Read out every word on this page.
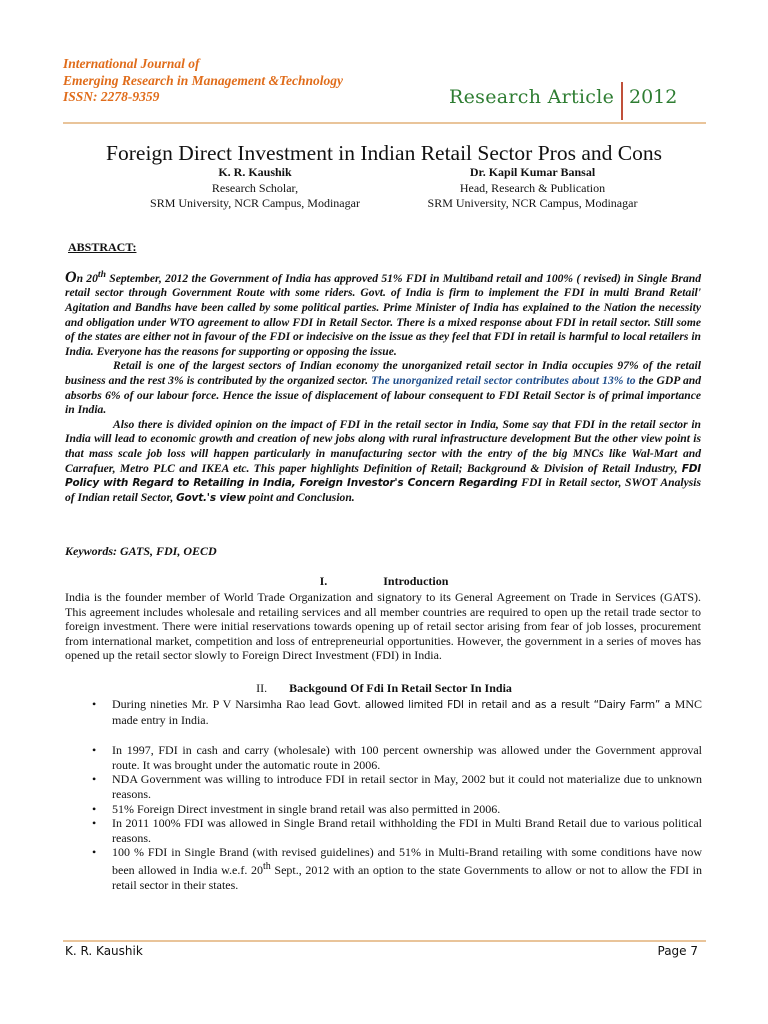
International Journal of
Emerging Research in Management &Technology
ISSN: 2278-9359	Research Article 2012
Foreign Direct Investment in Indian Retail Sector Pros and Cons
K. R. Kaushik
Research Scholar,
SRM University, NCR Campus, Modinagar
Dr. Kapil Kumar Bansal
Head, Research & Publication
SRM University, NCR Campus, Modinagar
ABSTRACT:

On 20th September, 2012 the Government of India has approved 51% FDI in Multiband retail and 100% ( revised) in Single Brand retail sector through Government Route with some riders. Govt. of India is firm to implement the FDI in multi Brand Retail' Agitation and Bandhs have been called by some political parties. Prime Minister of India has explained to the Nation the necessity and obligation under WTO agreement to allow FDI in Retail Sector. There is a mixed response about FDI in retail sector. Still some of the states are either not in favour of the FDI or indecisive on the issue as they feel that FDI in retail is harmful to local retailers in India. Everyone has the reasons for supporting or opposing the issue.

Retail is one of the largest sectors of Indian economy the unorganized retail sector in India occupies 97% of the retail business and the rest 3% is contributed by the organized sector. The unorganized retail sector contributes about 13% to the GDP and absorbs 6% of our labour force. Hence the issue of displacement of labour consequent to FDI Retail Sector is of primal importance in India.

Also there is divided opinion on the impact of FDI in the retail sector in India, Some say that FDI in the retail sector in India will lead to economic growth and creation of new jobs along with rural infrastructure development But the other view point is that mass scale job loss will happen particularly in manufacturing sector with the entry of the big MNCs like Wal-Mart and Carrafuer, Metro PLC and IKEA etc. This paper highlights Definition of Retail; Background & Division of Retail Industry, FDI Policy with Regard to Retailing in India, Foreign Investor's Concern Regarding FDI in Retail sector, SWOT Analysis of Indian retail Sector, Govt.'s view point and Conclusion.

Keywords: GATS, FDI, OECD
I.	Introduction

India is the founder member of World Trade Organization and signatory to its General Agreement on Trade in Services (GATS). This agreement includes wholesale and retailing services and all member countries are required to open up the retail trade sector to foreign investment. There were initial reservations towards opening up of retail sector arising from fear of job losses, procurement from international market, competition and loss of entrepreneurial opportunities. However, the government in a series of moves has opened up the retail sector slowly to Foreign Direct Investment (FDI) in India.

II. Backgound Of Fdi In Retail Sector In India
• During nineties Mr. P V Narsimha Rao lead Govt. allowed limited FDI in retail and as a result “Dairy Farm” a MNC made entry in India.
• In 1997, FDI in cash and carry (wholesale) with 100 percent ownership was allowed under the Government approval route. It was brought under the automatic route in 2006.
• NDA Government was willing to introduce FDI in retail sector in May, 2002 but it could not materialize due to unknown reasons.
• 51% Foreign Direct investment in single brand retail was also permitted in 2006.
• In 2011 100% FDI was allowed in Single Brand retail withholding the FDI in Multi Brand Retail due to various political reasons.
• 100 % FDI in Single Brand (with revised guidelines) and 51% in Multi-Brand retailing with some conditions have now been allowed in India w.e.f. 20th Sept., 2012 with an option to the state Governments to allow or not to allow the FDI in retail sector in their states.
K. R. Kaushik	Page 7
